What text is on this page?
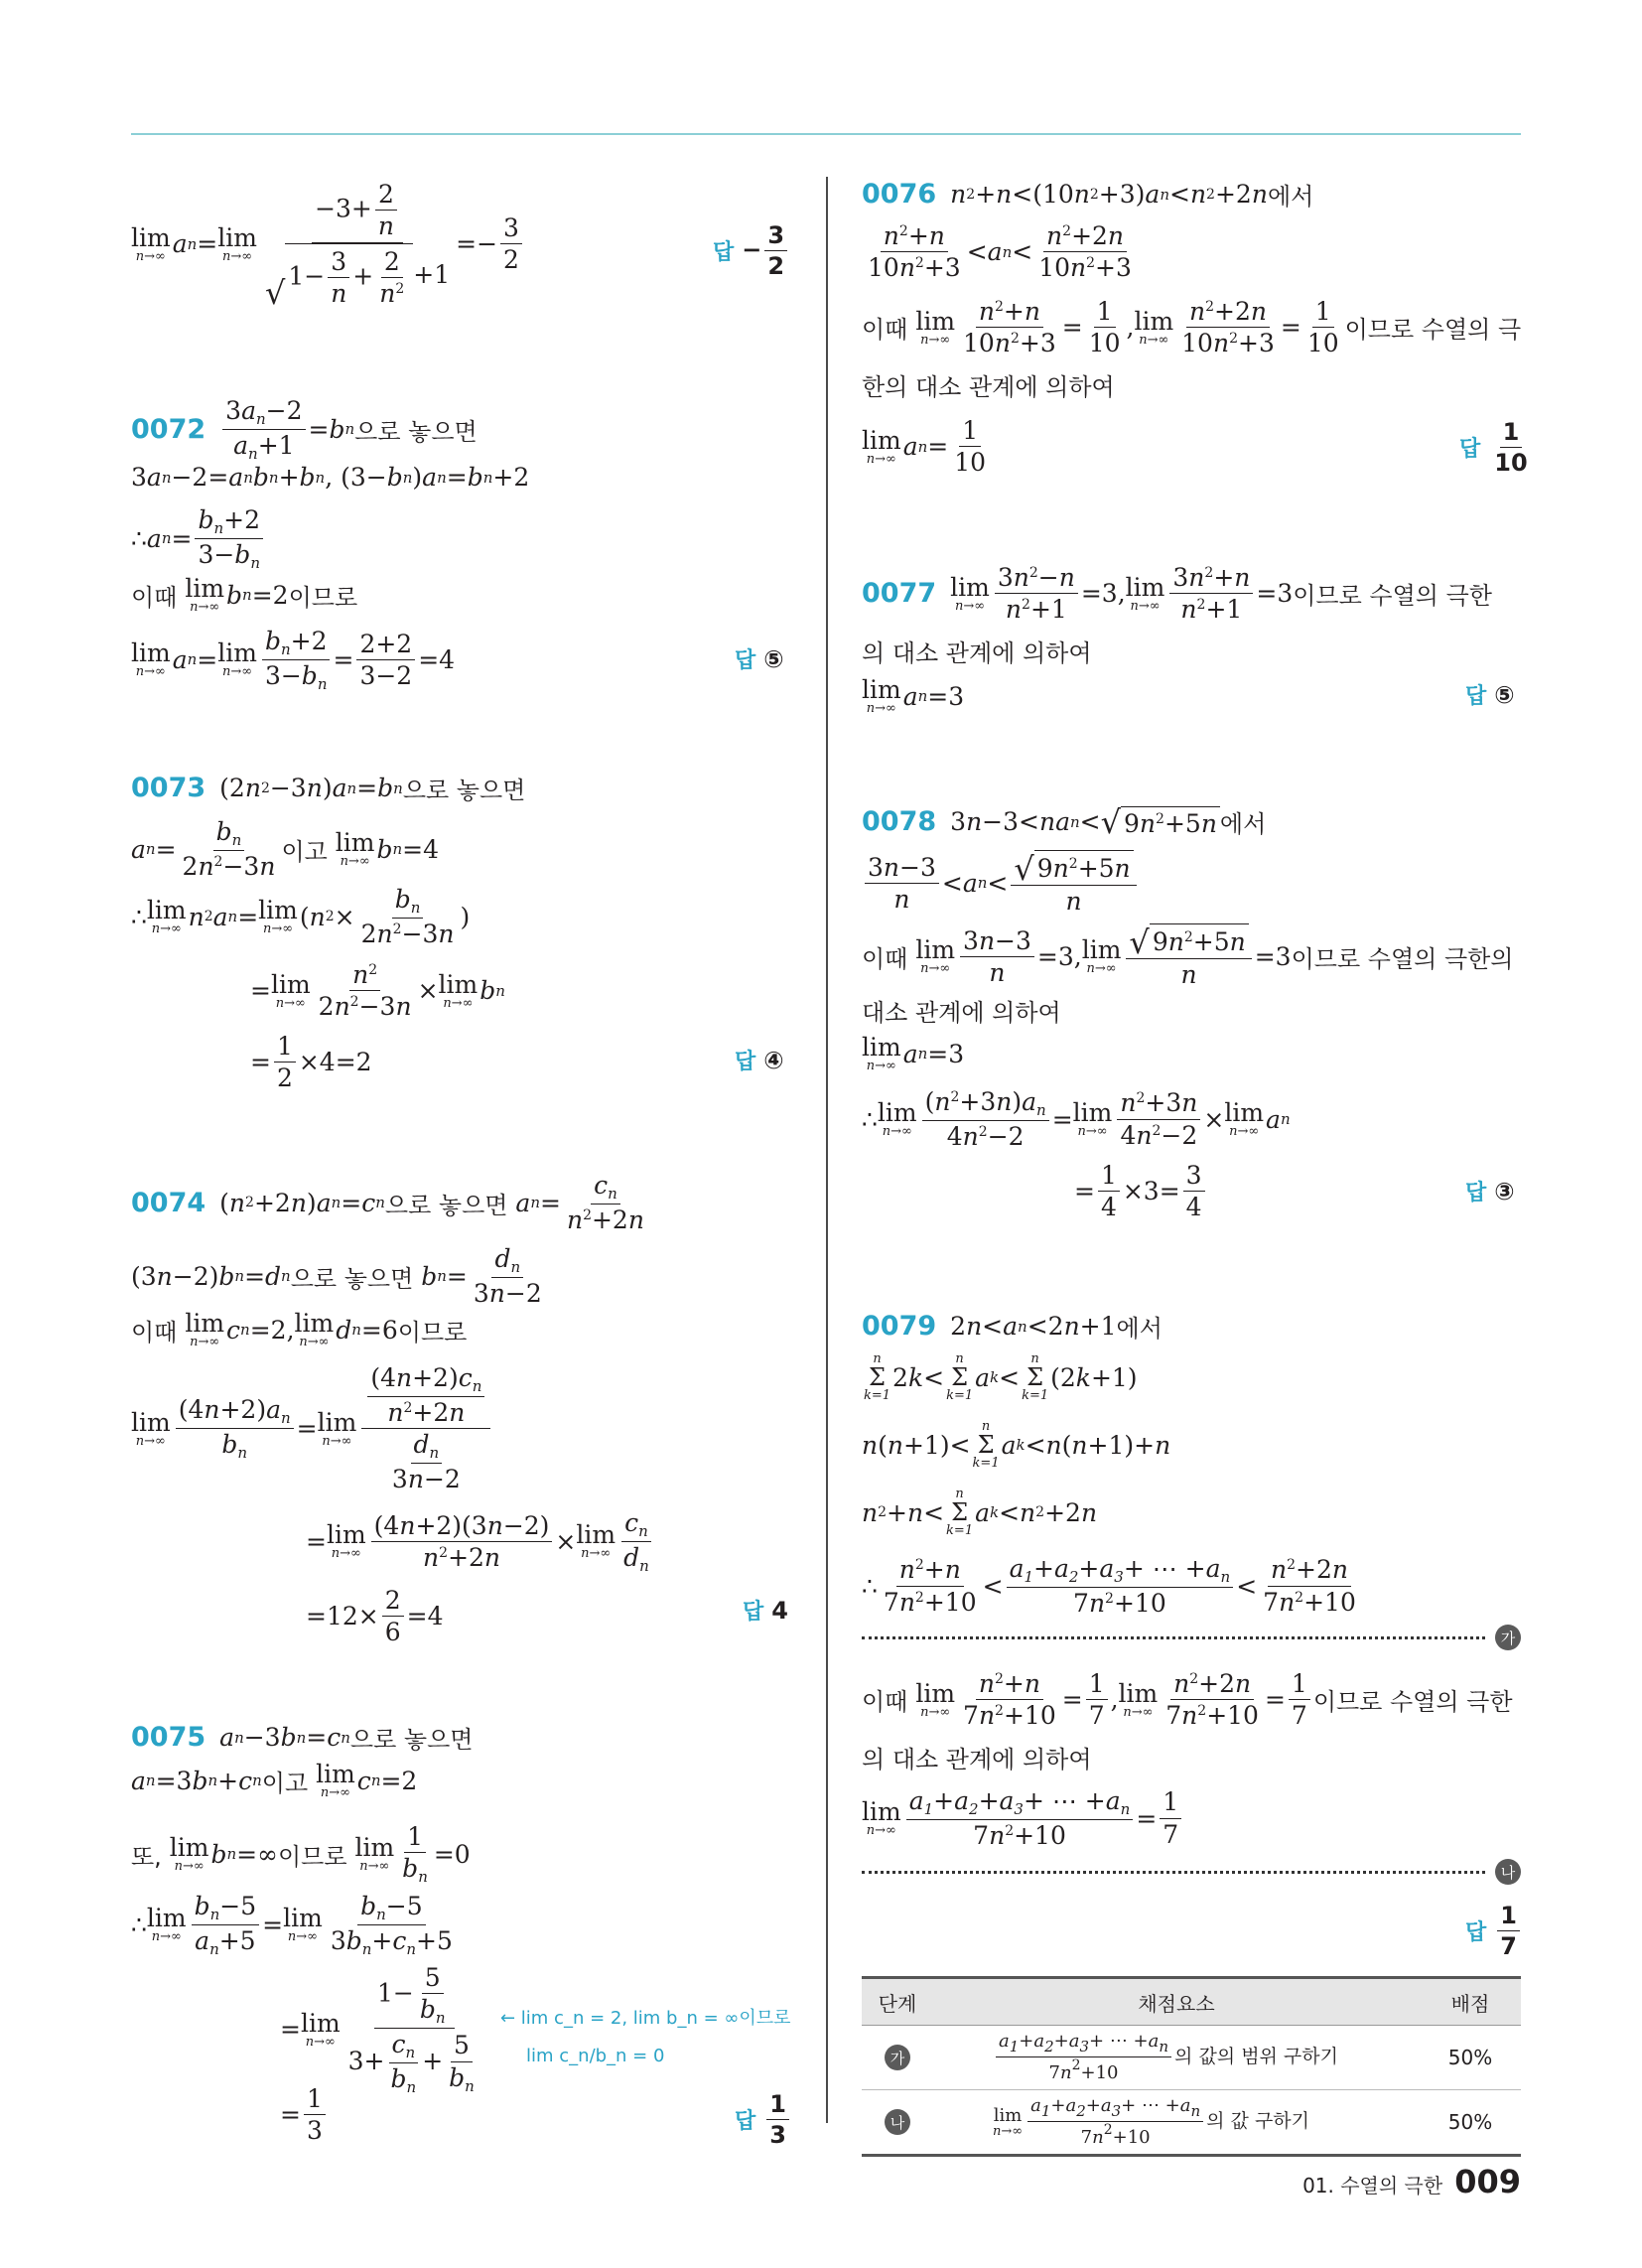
lim
n→∞ a n = lim
$n\to\infty \frac{-3+ \frac{2}{n}}{√ 1- \frac{3}{n} + \frac{2}{n^2} +1} =- \frac{3}{2}$	답 − $\frac{3}{2}$
$0072 \frac{3a_n-2}{a_n+1} = b$ n 으로 놓으면
3 a n −2= a n b n + b n , (3− b n ) a n = b n +2
∴ a $n = \frac{b_n+2}{3-b_n}$
이때
lim
n→∞ b n =2 이므로
lim
n→∞ a n = lim
$n\to\infty \frac{b_n+2}{3-b_n} = \frac{2+2}{3-2} =4$	답 ⑤
0073 (2 n 2 −3 n ) a n = b n 으로 놓으면
a $n = \frac{b_n}{2n^2-3n}$ 이고
lim
n→∞ b n =4
∴ lim
n→∞ n 2 a n = lim
n→∞ ( n $2 \times \frac{b_n}{2n^2-3n}$ )
= lim
$n\to\infty \frac{n^2}{2n^2-3n} \times \lim$
n→∞ b n
= $\frac{1}{2} \times 4=2$	답 ④
0074 ( n 2 +2 n ) a n = c n 으로 놓으면
a $n = \frac{c_n}{n^2+2n}$
(3 n −2) b n = d n 으로 놓으면
b $n = \frac{d_n}{3n-2}$
이때
lim
n→∞ c n =2, lim
n→∞ d n =6 이므로
lim
$n\to\infty \frac{(4n+2)a_n}{b_n} = \lim$
$n\to\infty \frac{\frac{(4n+2)c_n}{n^2+2n}}{\frac{d_n}{3n-2}}$
= lim
$n\to\infty \frac{(4n+2)(3n-2)}{n^2+2n} \times \lim$
$n\to\infty \frac{c_n}{d_n}$
$=12\times \frac{2}{6} =4$	답 4
0075 a n −3 b n = c n 으로 놓으면
a n =3 b n + c n 이고
lim
n→∞ c n =2
또,
lim
n→∞ b n =∞ 이므로
lim
$n\to\infty \frac{1}{b_n} =0$
∴ lim
$n\to\infty \frac{b_n-5}{a_n+5} = \lim$
$n\to\infty \frac{b_n-5}{3b_n+c_n+5}$
= lim
$n\to\infty \frac{1- \frac{5}{b_n}}{3+ \frac{c_n}{b_n} + \frac{5}{b_n}}$ ← lim c_n = 2, lim b_n = ∞이므로
lim c_n/b_n = 0
= $\frac{1}{3}$	답 $\frac{1}{3}$
0076 n 2 + n <(10 n 2 +3) a n < n 2 +2 n 에서
$\frac{n^2+n}{10n^2+3} < a$ $n < \frac{n^2+2n}{10n^2+3}$
이때
lim
$n\to\infty \frac{n^2+n}{10n^2+3} = \frac{1}{10}$ , lim
$n\to\infty \frac{n^2+2n}{10n^2+3} = \frac{1}{10}$ 이므로 수열의 극
한의 대소 관계에 의하여
lim
n→∞ a $n = \frac{1}{10}$	답 $\frac{1}{10}$
0077 lim
$n\to\infty \frac{3n^2-n}{n^2+1} =3$, lim
$n\to\infty \frac{3n^2+n}{n^2+1} =3$ 이므로 수열의 극한
의 대소 관계에 의하여
lim
n→∞ a n =3	답 ⑤
0078 3 n −3< na n < √ $9n^2+5n$ 에서
$\frac{3n-3}{n} < a$ $n < \frac{√ 9n^2+5n}{n}$
이때
lim
$n\to\infty \frac{3n-3}{n} =3$, lim
$n\to\infty \frac{√ 9n^2+5n}{n} =3$ 이므로 수열의 극한의
대소 관계에 의하여
lim
n→∞ a n =3
∴ lim
$n\to\infty \frac{(n^2+3n)a_n}{4n^2-2} = \lim$
$n\to\infty \frac{n^2+3n}{4n^2-2} \times \lim$
n→∞ a n
= $\frac{1}{4} \times 3= \frac{3}{4}$	답 ③
0079 2 n < a n <2 n +1 에서
n
Σ
k=1
2 k <
n
Σ
k=1
a k <
n
Σ
k=1
(2 k +1)
n ( n +1)<
n
Σ
k=1
a k < n ( n +1)+ n
n 2 + n <
n
Σ
k=1
a k < n 2 +2 n
∴ $\frac{n^2+n}{7n^2+10} < \frac{a_1+a_2+a_3+ \cdots +a_n}{7n^2+10} < \frac{n^2+2n}{7n^2+10}$
가
이때
lim
$n\to\infty \frac{n^2+n}{7n^2+10} = \frac{1}{7}$ , lim
$n\to\infty \frac{n^2+2n}{7n^2+10} = \frac{1}{7}$ 이므로 수열의 극한
의 대소 관계에 의하여
lim
$n\to\infty \frac{a_1+a_2+a_3+ \cdots +a_n}{7n^2+10} = \frac{1}{7}$
나
답 $\frac{1}{7}$
단계	채점요소	배점
가	$\frac{a_1+a_2+a_3+ \cdots +a_n}{7n^2+10}$ 의 값의 범위 구하기	50%
나	lim
$n\to\infty \frac{a_1+a_2+a_3+ \cdots +a_n}{7n^2+10}$ 의 값 구하기	50%
01. 수열의 극한 009
